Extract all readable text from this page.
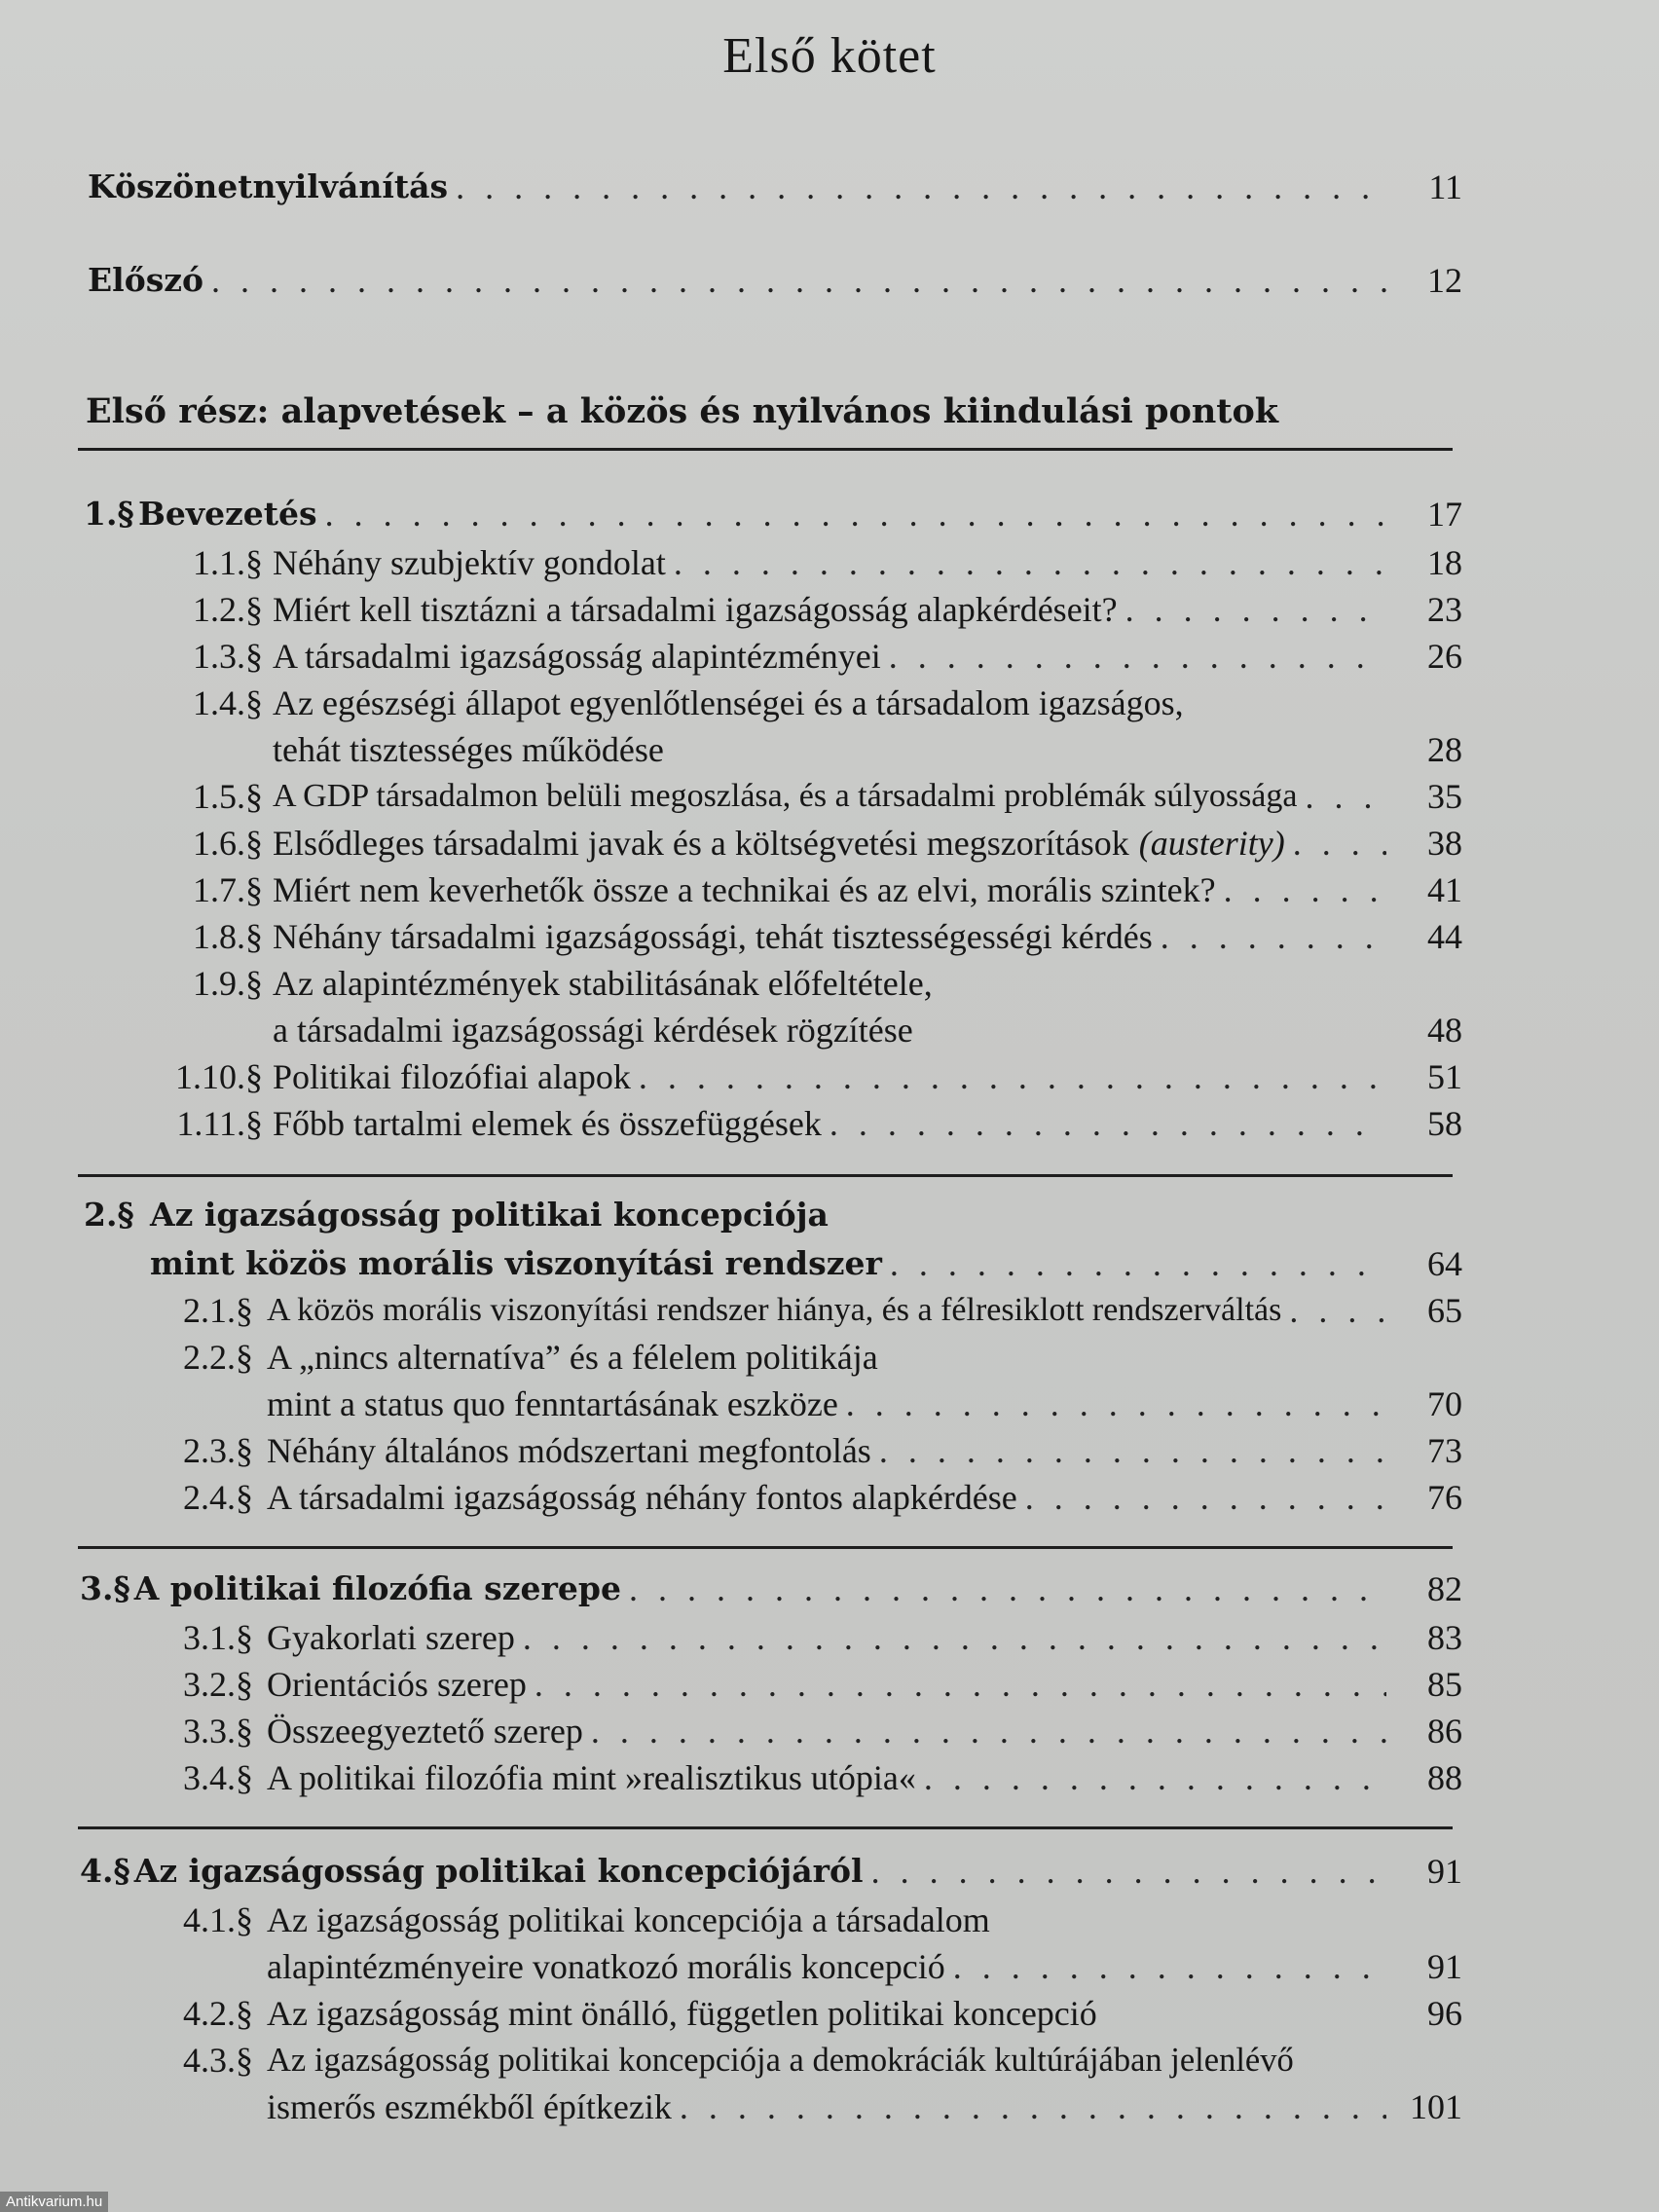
Első kötet
Köszönetnyilvánítás . . .	11
Előszó . . .	12
Első rész: alapvetések – a közös és nyilvános kiindulási pontok
1.§ Bevezetés . . .	17
1.1.§ Néhány szubjektív gondolat . . .	18
1.2.§ Miért kell tisztázni a társadalmi igazságosság alapkérdéseit? . . .	23
1.3.§ A társadalmi igazságosság alapintézményei . . .	26
1.4.§ Az egészségi állapot egyenlőtlenségei és a társadalom igazságos,
tehát tisztességes működése	28
1.5.§ A GDP társadalmon belüli megoszlása, és a társadalmi problémák súlyossága . . .	35
1.6.§ Elsődleges társadalmi javak és a költségvetési megszorítások (austerity) . . .	38
1.7.§ Miért nem keverhetők össze a technikai és az elvi, morális szintek? . . .	41
1.8.§ Néhány társadalmi igazságossági, tehát tisztességességi kérdés . . .	44
1.9.§ Az alapintézmények stabilitásának előfeltétele,
a társadalmi igazságossági kérdések rögzítése	48
1.10.§ Politikai filozófiai alapok . . .	51
1.11.§ Főbb tartalmi elemek és összefüggések . . .	58
2.§ Az igazságosság politikai koncepciója
mint közös morális viszonyítási rendszer . . .	64
2.1.§ A közös morális viszonyítási rendszer hiánya, és a félresiklott rendszerváltás . . .	65
2.2.§ A „nincs alternatíva” és a félelem politikája
mint a status quo fenntartásának eszköze . . .	70
2.3.§ Néhány általános módszertani megfontolás . . .	73
2.4.§ A társadalmi igazságosság néhány fontos alapkérdése . . .	76
3.§ A politikai filozófia szerepe . . .	82
3.1.§ Gyakorlati szerep . . .	83
3.2.§ Orientációs szerep . . .	85
3.3.§ Összeegyeztető szerep . . .	86
3.4.§ A politikai filozófia mint »realisztikus utópia« . . .	88
4.§ Az igazságosság politikai koncepciójáról . . .	91
4.1.§ Az igazságosság politikai koncepciója a társadalom
alapintézményeire vonatkozó morális koncepció . . .	91
4.2.§ Az igazságosság mint önálló, független politikai koncepció	96
4.3.§ Az igazságosság politikai koncepciója a demokráciák kultúrájában jelenlévő
ismerős eszmékből építkezik . . .	101
Antikvarium.hu
